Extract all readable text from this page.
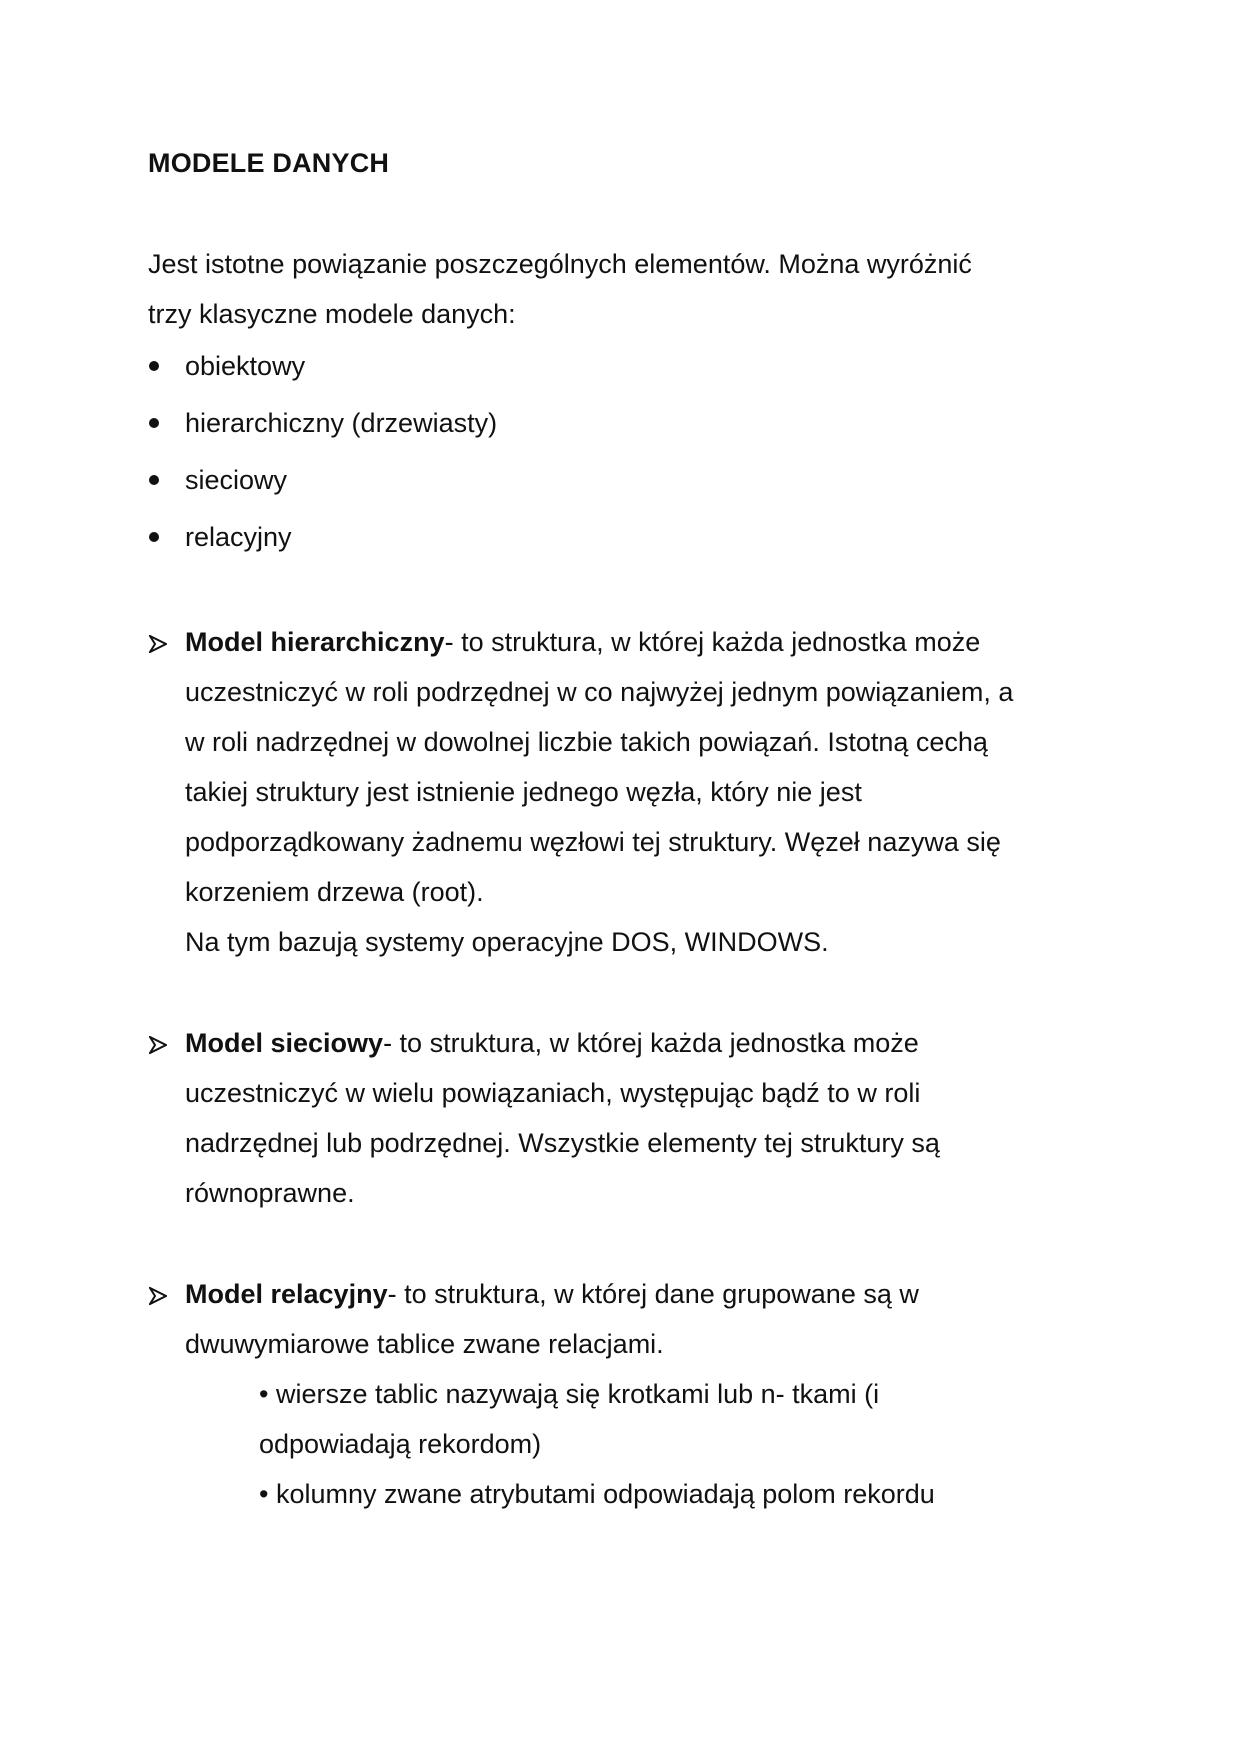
MODELE DANYCH
Jest istotne powiązanie poszczególnych elementów. Można wyróżnić
trzy klasyczne modele danych:
obiektowy
hierarchiczny (drzewiasty)
sieciowy
relacyjny
Model hierarchiczny- to struktura, w której każda jednostka może
uczestniczyć w roli podrzędnej w co najwyżej jednym powiązaniem, a
w roli nadrzędnej w dowolnej liczbie takich powiązań. Istotną cechą
takiej struktury jest istnienie jednego węzła, który nie jest
podporządkowany żadnemu węzłowi tej struktury. Węzeł nazywa się
korzeniem drzewa (root).
Na tym bazują systemy operacyjne DOS, WINDOWS.
Model sieciowy- to struktura, w której każda jednostka może
uczestniczyć w wielu powiązaniach, występując bądź to w roli
nadrzędnej lub podrzędnej. Wszystkie elementy tej struktury są
równoprawne.
Model relacyjny- to struktura, w której dane grupowane są w
dwuwymiarowe tablice zwane relacjami.
• wiersze tablic nazywają się krotkami lub n- tkami (i
odpowiadają rekordom)
• kolumny zwane atrybutami odpowiadają polom rekordu
